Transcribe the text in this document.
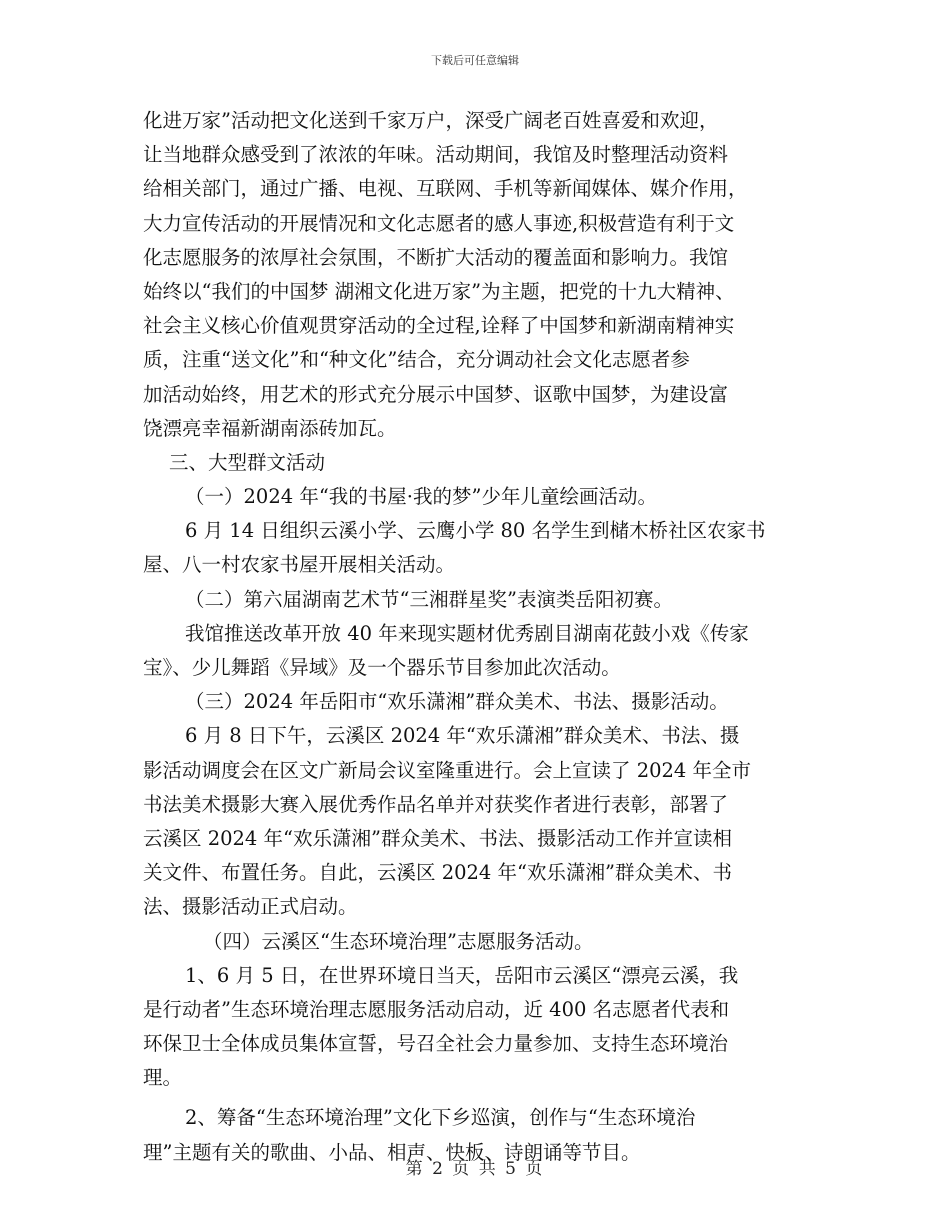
下载后可任意编辑
化进万家”活动把文化送到千家万户，深受广阔老百姓喜爱和欢迎，
让当地群众感受到了浓浓的年味。活动期间，我馆及时整理活动资料
给相关部门，通过广播、电视、互联网、手机等新闻媒体、媒介作用，
大力宣传活动的开展情况和文化志愿者的感人事迹,积极营造有利于文
化志愿服务的浓厚社会氛围，不断扩大活动的覆盖面和影响力。我馆
始终以“我们的中国梦 湖湘文化进万家”为主题，把党的十九大精神、
社会主义核心价值观贯穿活动的全过程,诠释了中国梦和新湖南精神实
质，注重“送文化”和“种文化”结合，充分调动社会文化志愿者参
加活动始终，用艺术的形式充分展示中国梦、讴歌中国梦，为建设富
饶漂亮幸福新湖南添砖加瓦。
三、大型群文活动
（一）2024 年“我的书屋·我的梦”少年儿童绘画活动。
6 月 14 日组织云溪小学、云鹰小学 80 名学生到槠木桥社区农家书
屋、八一村农家书屋开展相关活动。
（二）第六届湖南艺术节“三湘群星奖”表演类岳阳初赛。
我馆推送改革开放 40 年来现实题材优秀剧目湖南花鼓小戏《传家
宝》、少儿舞蹈《异域》及一个器乐节目参加此次活动。
（三）2024 年岳阳市“欢乐潇湘”群众美术、书法、摄影活动。
6 月 8 日下午，云溪区 2024 年“欢乐潇湘”群众美术、书法、摄
影活动调度会在区文广新局会议室隆重进行。会上宣读了 2024 年全市
书法美术摄影大赛入展优秀作品名单并对获奖作者进行表彰，部署了
云溪区 2024 年“欢乐潇湘”群众美术、书法、摄影活动工作并宣读相
关文件、布置任务。自此，云溪区 2024 年“欢乐潇湘”群众美术、书
法、摄影活动正式启动。
（四）云溪区“生态环境治理”志愿服务活动。
1、6 月 5 日，在世界环境日当天，岳阳市云溪区“漂亮云溪，我
是行动者”生态环境治理志愿服务活动启动，近 400 名志愿者代表和
环保卫士全体成员集体宣誓，号召全社会力量参加、支持生态环境治
理。
2、筹备“生态环境治理”文化下乡巡演，创作与“生态环境治
理”主题有关的歌曲、小品、相声、快板、诗朗诵等节目。
第 2 页 共 5 页
